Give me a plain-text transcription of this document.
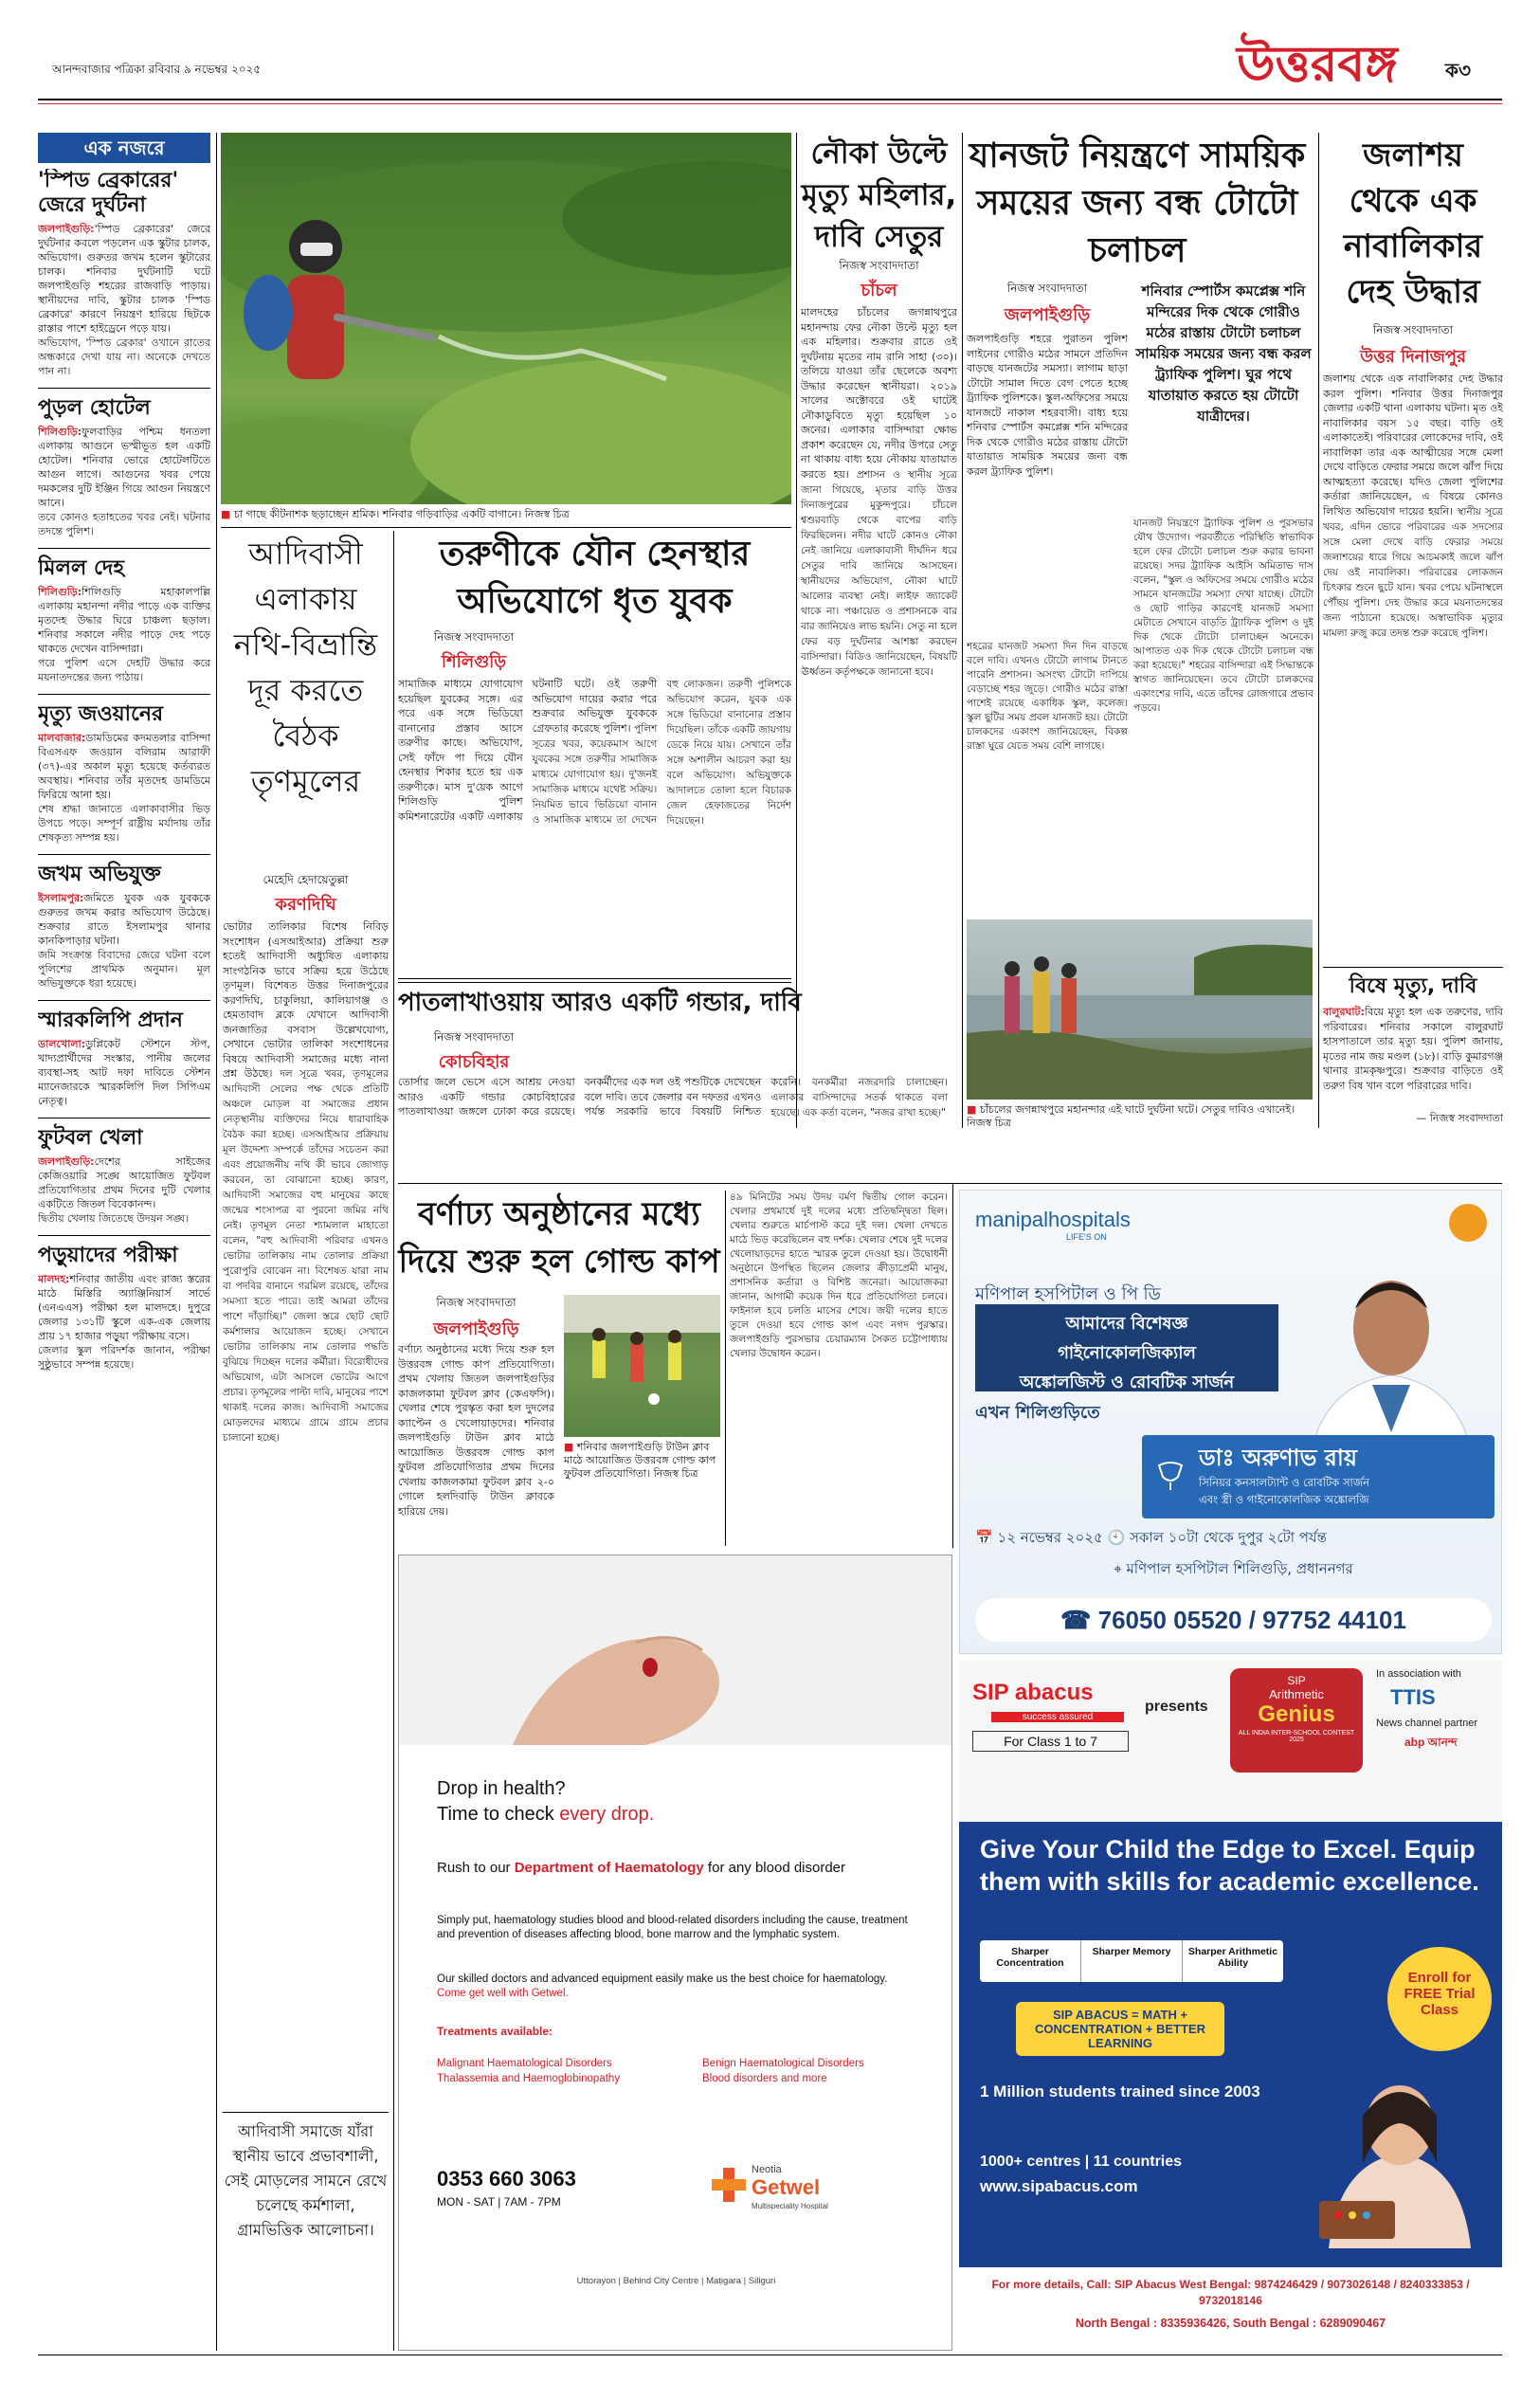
আনন্দবাজার পত্রিকা রবিবার ৯ নভেম্বর ২০২৫	উত্তরবঙ্গ	ক৩
এক নজরে
'স্পিড ব্রেকারের' জেরে দুর্ঘটনা

জলপাইগুড়ি:'স্পিড ব্রেকারের' জেরে দুর্ঘটনার কবলে পড়লেন এক স্কুটার চালক, অভিযোগ। গুরুতর জখম হলেন স্কুটারের চালক। শনিবার দুর্ঘটনাটি ঘটে জলপাইগুড়ি শহরের রাজবাড়ি পাড়ায়। স্থানীয়দের দাবি, স্কুটার চালক 'স্পিড ব্রেকারে' কারণে নিয়ন্ত্রণ হারিয়ে ছিটকে রাস্তার পাশে হাইড্রেনে পড়ে যায়।

অভিযোগ, 'স্পিড ব্রেকার' ওখানে রাতের অন্ধকারে দেখা যায় না। অনেকে দেখতে পান না।

পুড়ল হোটেল

শিলিগুড়ি:ফুলবাড়ির পশ্চিম ধনতলা এলাকায় আগুনে ভস্মীভূত হল একটি হোটেল। শনিবার ভোরে হোটেলটিতে আগুন লাগে। আগুনের খবর পেয়ে দমকলের দুটি ইঞ্জিন গিয়ে আগুন নিয়ন্ত্রণে আনে।

তবে কোনও হতাহতের খবর নেই। ঘটনার তদন্তে পুলিশ।

মিলল দেহ

শিলিগুড়ি:শিলিগুড়ি মহাকালপল্লি এলাকায় মহানন্দা নদীর পাড়ে এক ব্যক্তির মৃতদেহ উদ্ধার ঘিরে চাঞ্চল্য ছড়াল। শনিবার সকালে নদীর পাড়ে দেহ পড়ে থাকতে দেখেন বাসিন্দারা।

পরে পুলিশ এসে দেহটি উদ্ধার করে ময়নাতদন্তের জন্য পাঠায়।

মৃত্যু জওয়ানের

মালবাজার:ডামডিমের কদমতলার বাসিন্দা বিএসএফ জওয়ান বলিরাম আরাফী (৩৭)-এর অকাল মৃত্যু হয়েছে কর্তব্যরত অবস্থায়। শনিবার তাঁর মৃতদেহ ডামডিমে ফিরিয়ে আনা হয়।

শেষ শ্রদ্ধা জানাতে এলাকাবাসীর ভিড় উপচে পড়ে। সম্পূর্ণ রাষ্ট্রীয় মর্যাদায় তাঁর শেষকৃত্য সম্পন্ন হয়।

জখম অভিযুক্ত

ইসলামপুর:জমিতে যুবক এক যুবককে গুরুতর জখম করার অভিযোগ উঠেছে। শুক্রবার রাতে ইসলামপুর থানার কানকিপাড়ার ঘটনা।

জমি সংক্রান্ত বিবাদের জেরে ঘটনা বলে পুলিশের প্রাথমিক অনুমান। মূল অভিযুক্তকে ধরা হয়েছে।

স্মারকলিপি প্রদান

ডালখোলা:ডুপ্লিকেট স্টেশনে স্টপ, খাদ্যপ্রার্থীদের সংস্কার, পানীয় জলের ব্যবস্থা-সহ আট দফা দাবিতে স্টেশন ম্যানেজারকে স্মারকলিপি দিল সিপিএম নেতৃত্ব।

ফুটবল খেলা

জলপাইগুড়ি:দেশের সাইজের কেজিওয়ারি সঙ্ঘে আয়োজিত ফুটবল প্রতিযোগিতার প্রথম দিনের দুটি খেলার একটিতে জিতল বিবেকানন্দ।

দ্বিতীয় খেলায় জিতেছে উদয়ন সঙ্ঘ।

পড়ুয়াদের পরীক্ষা

মালদহ:শনিবার জাতীয় এবং রাজ্য স্তরের মাঠে মিস্তিরি অ্যাঞ্জিনিয়ার্স সার্ভে (এনএএস) পরীক্ষা হল মালদহে। দুপুরে জেলার ১৩১টি স্কুলে এক-এক জেলায় প্রায় ১৭ হাজার পড়ুয়া পরীক্ষায় বসে।

জেলার স্কুল পরিদর্শক জানান, পরীক্ষা সুষ্ঠুভাবে সম্পন্ন হয়েছে।

■ চা গাছে কীটনাশক ছড়াচ্ছেন শ্রমিক। শনিবার গড়িবাড়ির একটি বাগানে। নিজস্ব চিত্র
নৌকা উল্টে মৃত্যু মহিলার, দাবি সেতুর
নিজস্ব সংবাদদাতা
চাঁচল
মালদহের চাঁচলের জগন্নাথপুরে মহানন্দায় ফের নৌকা উল্টে মৃত্যু হল এক মহিলার। শুক্রবার রাতে ওই দুর্ঘটনায় মৃতের নাম রানি সাহা (৩০)। তলিয়ে যাওয়া তাঁর ছেলেকে অবশ্য উদ্ধার করেছেন স্থানীয়রা। ২০১৯ সালের অক্টোবরে ওই ঘাটেই নৌকাডুবিতে মৃত্যু হয়েছিল ১০ জনের। এলাকার বাসিন্দারা ক্ষোভ প্রকাশ করেছেন যে, নদীর উপরে সেতু না থাকায় বাধ্য হয়ে নৌকায় যাতায়াত করতে হয়। প্রশাসন ও স্থানীয় সূত্রে জানা গিয়েছে, মৃতার বাড়ি উত্তর দিনাজপুরের মুকুন্দপুরে। চাঁচলে শ্বশুরবাড়ি থেকে বাপের বাড়ি ফিরছিলেন। নদীর ঘাটে কোনও নৌকা নেই জানিয়ে এলাকাবাসী দীর্ঘদিন ধরে সেতুর দাবি জানিয়ে আসছেন। স্থানীয়দের অভিযোগ, নৌকা ঘাটে আলোর ব্যবস্থা নেই। লাইফ জ্যাকেট থাকে না। পঞ্চায়েত ও প্রশাসনকে বার বার জানিয়েও লাভ হয়নি। সেতু না হলে ফের বড় দুর্ঘটনার আশঙ্কা করছেন বাসিন্দারা। বিডিও জানিয়েছেন, বিষয়টি ঊর্ধ্বতন কর্তৃপক্ষকে জানানো হবে।
যানজট নিয়ন্ত্রণে সাময়িক সময়ের জন্য বন্ধ টোটো চলাচল
নিজস্ব সংবাদদাতা
জলপাইগুড়ি
শনিবার স্পোর্টস কমপ্লেক্স শনি মন্দিরের দিক থেকে গোরীও মঠের রাস্তায় টোটো চলাচল সাময়িক সময়ের জন্য বন্ধ করল ট্র্যাফিক পুলিশ। ঘুর পথে যাতায়াত করতে হয় টোটো যাত্রীদের।
জলপাইগুড়ি শহরে পুরাতন পুলিশ লাইনের গোরীও মঠের সামনে প্রতিদিন বাড়ছে যানজটের সমস্যা। লাগাম ছাড়া টোটো সামাল দিতে বেগ পেতে হচ্ছে ট্র্যাফিক পুলিশকে। স্কুল-অফিসের সময়ে যানজটে নাকাল শহরবাসী। বাধ্য হয়ে শনিবার স্পোর্টস কমপ্লেক্স শনি মন্দিরের দিক থেকে গোরীও মঠের রাস্তায় টোটো যাতায়াত সাময়িক সময়ের জন্য বন্ধ করল ট্র্যাফিক পুলিশ।
যানজট নিয়ন্ত্রণে ট্র্যাফিক পুলিশ ও পুরসভার যৌথ উদ্যোগ। পরবর্তীতে পরিস্থিতি স্বাভাবিক হলে ফের টোটো চলাচল শুরু করার ভাবনা রয়েছে। সদর ট্র্যাফিক আইসি অমিতাভ দাস বলেন, "স্কুল ও অফিসের সময়ে গোরীও মঠের সামনে যানজটের সমস্যা দেখা যাচ্ছে। টোটো ও ছোট গাড়ির কারণেই যানজট সমস্যা মেটাতে সেখানে বাড়তি ট্র্যাফিক পুলিশ ও দুই দিক থেকে টোটো চালাচ্ছেন অনেকে। আপাতত এক দিক থেকে টোটো চলাচল বন্ধ করা হয়েছে।" শহরের বাসিন্দারা এই সিদ্ধান্তকে স্বাগত জানিয়েছেন। তবে টোটো চালকদের একাংশের দাবি, এতে তাঁদের রোজগারে প্রভাব পড়বে।
শহরের যানজট সমস্যা দিন দিন বাড়ছে বলে দাবি। এখনও টোটো লাগাম টানতে পারেনি প্রশাসন। অসংখ্য টোটো দাপিয়ে বেড়াচ্ছে শহর জুড়ে। গোরীও মঠের রাস্তা পাশেই রয়েছে একাধিক স্কুল, কলেজ। স্কুল ছুটির সময় প্রবল যানজট হয়। টোটো চালকদের একাংশ জানিয়েছেন, বিকল্প রাস্তা ঘুরে যেতে সময় বেশি লাগছে।
■ চাঁচলের জগন্নাথপুরে মহানন্দার এই ঘাটে দুর্ঘটনা ঘটে। সেতুর দাবিও এখানেই। নিজস্ব চিত্র
জলাশয় থেকে এক নাবালিকার দেহ উদ্ধার
নিজস্ব সংবাদদাতা
উত্তর দিনাজপুর
জলাশয় থেকে এক নাবালিকার দেহ উদ্ধার করল পুলিশ। শনিবার উত্তর দিনাজপুর জেলার একটি থানা এলাকায় ঘটনা। মৃত ওই নাবালিকার বয়স ১৫ বছর। বাড়ি ওই এলাকাতেই। পরিবারের লোকেদের দাবি, ওই নাবালিকা তার এক আত্মীয়ের সঙ্গে মেলা দেখে বাড়িতে ফেরার সময়ে জলে ঝাঁপ দিয়ে আত্মহত্যা করেছে। যদিও জেলা পুলিশের কর্তারা জানিয়েছেন, এ বিষয়ে কোনও লিখিত অভিযোগ দায়ের হয়নি। স্থানীয় সূত্রে খবর, এদিন ভোরে পরিবারের এক সদস্যের সঙ্গে মেলা দেখে বাড়ি ফেরার সময়ে জলাশয়ের ধারে গিয়ে আচমকাই জলে ঝাঁপ দেয় ওই নাবালিকা। পরিবারের লোকজন চিৎকার শুনে ছুটে যান। খবর পেয়ে ঘটনাস্থলে পৌঁছয় পুলিশ। দেহ উদ্ধার করে ময়নাতদন্তের জন্য পাঠানো হয়েছে। অস্বাভাবিক মৃত্যুর মামলা রুজু করে তদন্ত শুরু করেছে পুলিশ।
বিষে মৃত্যু, দাবি
বালুরঘাট:বিয়ে মৃত্যু হল এক তরুণের, দাবি পরিবারের। শনিবার সকালে বালুরঘাট হাসপাতালে তার মৃত্যু হয়। পুলিশ জানায়, মৃতের নাম জয় মণ্ডল (১৮)। বাড়ি কুমারগঞ্জ থানার রামকৃষ্ণপুরে। শুক্রবার বাড়িতে ওই তরুণ বিষ খান বলে পরিবারের দাবি।
— নিজস্ব সংবাদদাতা
আদিবাসী এলাকায় নথি-বিভ্রান্তি দূর করতে বৈঠক তৃণমূলের
মেহেদি হেদায়েতুল্লা
করণদিঘি
ভোটার তালিকার বিশেষ নিবিড় সংশোধন (এসআইআর) প্রক্রিয়া শুরু হতেই আদিবাসী অধ্যুষিত এলাকায় সাংগঠনিক ভাবে সক্রিয় হয়ে উঠেছে তৃণমূল। বিশেষত উত্তর দিনাজপুরের করণদিঘি, চাকুলিয়া, কালিয়াগঞ্জ ও হেমতাবাদ ব্লকে যেখানে আদিবাসী জনজাতির বসবাস উল্লেখযোগ্য, সেখানে ভোটার তালিকা সংশোধনের বিষয়ে আদিবাসী সমাজের মধ্যে নানা প্রশ্ন উঠছে। দল সূত্রে খবর, তৃণমূলের আদিবাসী সেলের পক্ষ থেকে প্রতিটি অঞ্চলে মোড়ল বা সমাজের প্রধান নেতৃস্থানীয় ব্যক্তিদের নিয়ে ধারাবাহিক বৈঠক করা হচ্ছে। এসআইআর প্রক্রিয়ায় মূল উদ্দেশ্য সম্পর্কে তাঁদের সচেতন করা এবং প্রয়োজনীয় নথি কী ভাবে জোগাড় করবেন, তা বোঝানো হচ্ছে। কারণ, আদিবাসী সমাজের বহু মানুষের কাছে জন্মের শংসাপত্র বা পুরনো জমির নথি নেই। তৃণমূল নেতা শ্যামলাল মাহাতো বলেন, "বহু আদিবাসী পরিবার এখনও ভোটার তালিকায় নাম তোলার প্রক্রিয়া পুরোপুরি বোঝেন না। বিশেষত যারা নাম বা পদবির বানানে গরমিল রয়েছে, তাঁদের সমস্যা হতে পারে। তাই আমরা তাঁদের পাশে দাঁড়াচ্ছি।" জেলা স্তরে ছোট ছোট কর্মশালার আয়োজন হচ্ছে। সেখানে ভোটার তালিকায় নাম তোলার পদ্ধতি বুঝিয়ে দিচ্ছেন দলের কর্মীরা। বিরোধীদের অভিযোগ, এটা আসলে ভোটের আগে প্রচার। তৃণমূলের পাল্টা দাবি, মানুষের পাশে থাকাই দলের কাজ। আদিবাসী সমাজের মোড়লদের মাধ্যমে গ্রামে গ্রামে প্রচার চালানো হচ্ছে।
আদিবাসী সমাজে যাঁরা স্থানীয় ভাবে প্রভাবশালী, সেই মোড়লের সামনে রেখে চলেছে কর্মশালা, গ্রামভিত্তিক আলোচনা।
তরুণীকে যৌন হেনস্থার অভিযোগে ধৃত যুবক
নিজস্ব সংবাদদাতা
শিলিগুড়ি
সামাজিক মাধ্যমে যোগাযোগ হয়েছিল যুবকের সঙ্গে। এর পরে এক সঙ্গে ভিডিয়ো বানানোর প্রস্তাব আসে তরুণীর কাছে। অভিযোগ, সেই ফাঁদে পা দিয়ে যৌন হেনস্থার শিকার হতে হয় এক তরুণীকে। মাস দু'য়েক আগে শিলিগুড়ি পুলিশ কমিশনারেটের একটি এলাকায় ঘটনাটি ঘটে। ওই তরুণী অভিযোগ দায়ের করার পরে শুক্রবার অভিযুক্ত যুবককে গ্রেফতার করেছে পুলিশ। পুলিশ সূত্রের খবর, কয়েকমাস আগে যুবকের সঙ্গে তরুণীর সামাজিক মাধ্যমে যোগাযোগ হয়। দু'জনই সামাজিক মাধ্যমে যথেষ্ট সক্রিয়। নিয়মিত ভাবে ভিডিয়ো বানান ও সামাজিক মাধ্যমে তা দেখেন বহু লোকজন। তরুণী পুলিশকে অভিযোগ করেন, যুবক এক সঙ্গে ভিডিয়ো বানানোর প্রস্তাব দিয়েছিল। তাঁকে একটি জায়গায় ডেকে নিয়ে যায়। সেখানে তাঁর সঙ্গে অশালীন আচরণ করা হয় বলে অভিযোগ। অভিযুক্তকে আদালতে তোলা হলে বিচারক জেল হেফাজতের নির্দেশ দিয়েছেন।
পাতলাখাওয়ায় আরও একটি গন্ডার, দাবি
নিজস্ব সংবাদদাতা
কোচবিহার
তোর্সার জলে ভেসে এসে আশ্রয় নেওয়া আরও একটি গন্ডার কোচবিহারের পাতলাখাওয়া জঙ্গলে ঢোকা করে রয়েছে। বনকর্মীদের এক দল ওই পশুটিকে দেখেছেন বলে দাবি। তবে জেলার বন দফতর এখনও পর্যন্ত সরকারি ভাবে বিষয়টি নিশ্চিত করেনি। বনকর্মীরা নজরদারি চালাচ্ছেন। এলাকার বাসিন্দাদের সতর্ক থাকতে বলা হয়েছে। এক কর্তা বলেন, "নজর রাখা হচ্ছে।"
বর্ণাঢ্য অনুষ্ঠানের মধ্যে দিয়ে শুরু হল গোল্ড কাপ
নিজস্ব সংবাদদাতা
জলপাইগুড়ি
■ শনিবার জলপাইগুড়ি টাউন ক্লাব মাঠে আয়োজিত উত্তরবঙ্গ গোল্ড কাপ ফুটবল প্রতিযোগিতা। নিজস্ব চিত্র
বর্ণাঢ্য অনুষ্ঠানের মধ্যে দিয়ে শুরু হল উত্তরবঙ্গ গোল্ড কাপ প্রতিযোগিতা। প্রথম খেলায় জিতল জলপাইগুড়ির কাজলকামা ফুটবল ক্লাব (কেএফসি)। খেলার শেষে পুরস্কৃত করা হল দুদলের ক্যাপ্টেন ও খেলোয়াড়দের। শনিবার জলপাইগুড়ি টাউন ক্লাব মাঠে আয়োজিত উত্তরবঙ্গ গোল্ড কাপ ফুটবল প্রতিযোগিতার প্রথম দিনের খেলায় কাজলকামা ফুটবল ক্লাব ২-০ গোলে হলদিবাড়ি টাউন ক্লাবকে হারিয়ে দেয়।
৪৯ মিনিটের সময় উদয় বর্মণ দ্বিতীয় গোল করেন। খেলার প্রথমার্ধে দুই দলের মধ্যে প্রতিদ্বন্দ্বিতা ছিল। খেলার শুরুতে মার্চপাস্ট করে দুই দল। খেলা দেখতে মাঠে ভিড় করেছিলেন বহু দর্শক। খেলার শেষে দুই দলের খেলোয়াড়দের হাতে স্মারক তুলে দেওয়া হয়। উদ্বোধনী অনুষ্ঠানে উপস্থিত ছিলেন জেলার ক্রীড়াপ্রেমী মানুষ, প্রশাসনিক কর্তারা ও বিশিষ্ট জনেরা। আয়োজকরা জানান, আগামী কয়েক দিন ধরে প্রতিযোগিতা চলবে। ফাইনাল হবে চলতি মাসের শেষে। জয়ী দলের হাতে তুলে দেওয়া হবে গোল্ড কাপ এবং নগদ পুরস্কার। জলপাইগুড়ি পুরসভার চেয়ারম্যান সৈকত চট্টোপাধ্যায় খেলার উদ্বোধন করেন।
Drop in health?
Time to check every drop.
Rush to our Department of Haematology for any blood disorder
Simply put, haematology studies blood and blood-related disorders including the cause, treatment and prevention of diseases affecting blood, bone marrow and the lymphatic system.
Our skilled doctors and advanced equipment easily make us the best choice for haematology. Come get well with Getwel.
Treatments available:
Malignant Haematological Disorders
Thalassemia and Haemoglobinopathy
Benign Haematological Disorders
Blood disorders and more
0353 660 3063
MON - SAT | 7AM - 7PM
Neotia
Getwel
Multispeciality Hospital
Uttorayon | Behind City Centre | Matigara | Siliguri
manipalhospitals
LIFE'S ON
মণিপাল হসপিটাল ও পি ডি
আমাদের বিশেষজ্ঞ
গাইনোকোলজিক্যাল
অঙ্কোলজিস্ট ও রোবটিক সার্জন
এখন শিলিগুড়িতে
ডাঃ অরুণাভ রায়
সিনিয়র কনসালট্যান্ট ও রোবটিক সার্জন
এবং স্ত্রী ও গাইনোকোলজিক অঙ্কোলজি
📅 ১২ নভেম্বর ২০২৫ 🕙 সকাল ১০টা থেকে দুপুর ২টো পর্যন্ত
⌖ মণিপাল হসপিটাল শিলিগুড়ি, প্রধাননগর
☎ 76050 05520 / 97752 44101
SIP abacus
success assured
For Class 1 to 7
presents
SIP
Arithmetic
Genius
ALL INDIA INTER-SCHOOL CONTEST 2025
In association with
TTIS
News channel partner
abp আনন্দ
Give Your Child the Edge to Excel. Equip them with skills for academic excellence.
Sharper Concentration
Sharper Memory	Sharper Arithmetic Ability
SIP ABACUS = MATH + CONCENTRATION + BETTER LEARNING
Enroll for FREE Trial Class
1 Million students trained since 2003
1000+ centres | 11 countries
www.sipabacus.com
For more details, Call: SIP Abacus West Bengal: 9874246429 / 9073026148 / 8240333853 / 9732018146
North Bengal : 8335936426, South Bengal : 6289090467
